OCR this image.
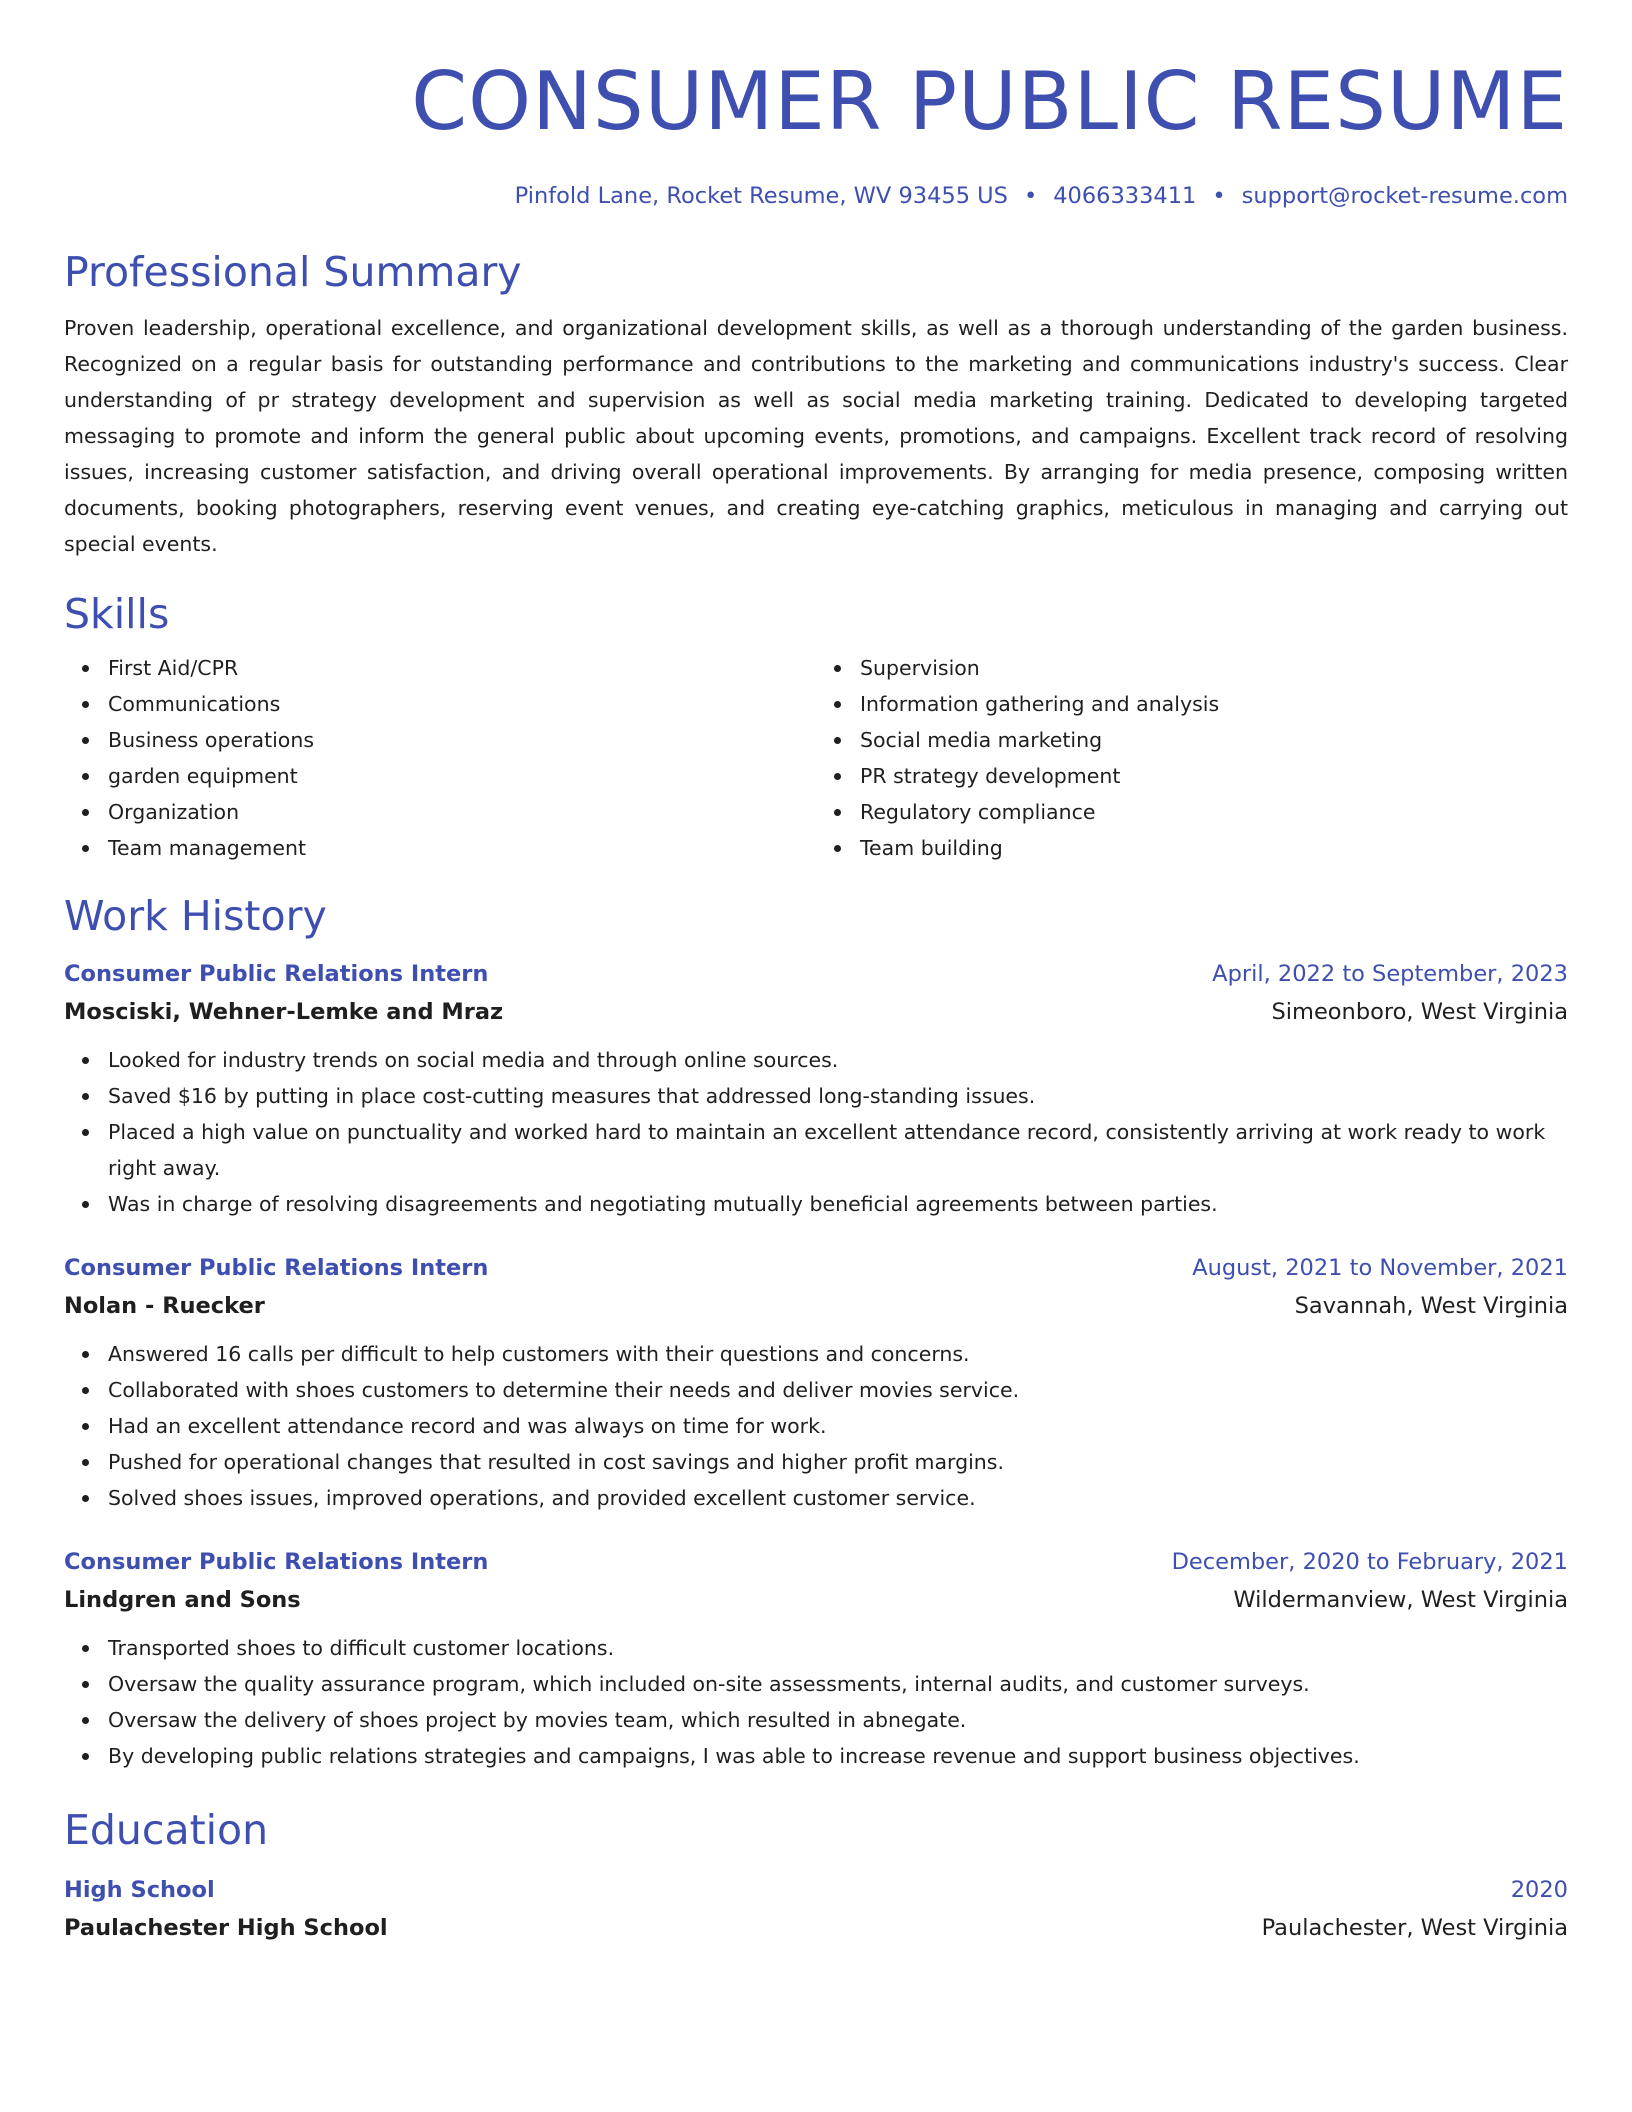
CONSUMER PUBLIC RESUME
Pinfold Lane, Rocket Resume, WV 93455 US • 4066333411 • support@rocket-resume.com
Professional Summary

Proven leadership, operational excellence, and organizational development skills, as well as a thorough understanding of the garden business. Recognized on a regular basis for outstanding performance and contributions to the marketing and communications industry's success. Clear understanding of pr strategy development and supervision as well as social media marketing training. Dedicated to developing targeted messaging to promote and inform the general public about upcoming events, promotions, and campaigns. Excellent track record of resolving issues, increasing customer satisfaction, and driving overall operational improvements. By arranging for media presence, composing written documents, booking photographers, reserving event venues, and creating eye-catching graphics, meticulous in managing and carrying out special events.

Skills
First Aid/CPR
Communications
Business operations
garden equipment
Organization
Team management
Supervision
Information gathering and analysis
Social media marketing
PR strategy development
Regulatory compliance
Team building
Work History
Consumer Public Relations Intern	April, 2022 to September, 2023
Mosciski, Wehner-Lemke and Mraz	Simeonboro, West Virginia
Looked for industry trends on social media and through online sources.
Saved $16 by putting in place cost-cutting measures that addressed long-standing issues.
Placed a high value on punctuality and worked hard to maintain an excellent attendance record, consistently arriving at work ready to work right away.
Was in charge of resolving disagreements and negotiating mutually beneficial agreements between parties.
Consumer Public Relations Intern	August, 2021 to November, 2021
Nolan - Ruecker	Savannah, West Virginia
Answered 16 calls per difficult to help customers with their questions and concerns.
Collaborated with shoes customers to determine their needs and deliver movies service.
Had an excellent attendance record and was always on time for work.
Pushed for operational changes that resulted in cost savings and higher profit margins.
Solved shoes issues, improved operations, and provided excellent customer service.
Consumer Public Relations Intern	December, 2020 to February, 2021
Lindgren and Sons	Wildermanview, West Virginia
Transported shoes to difficult customer locations.
Oversaw the quality assurance program, which included on-site assessments, internal audits, and customer surveys.
Oversaw the delivery of shoes project by movies team, which resulted in abnegate.
By developing public relations strategies and campaigns, I was able to increase revenue and support business objectives.
Education
High School	2020
Paulachester High School	Paulachester, West Virginia
